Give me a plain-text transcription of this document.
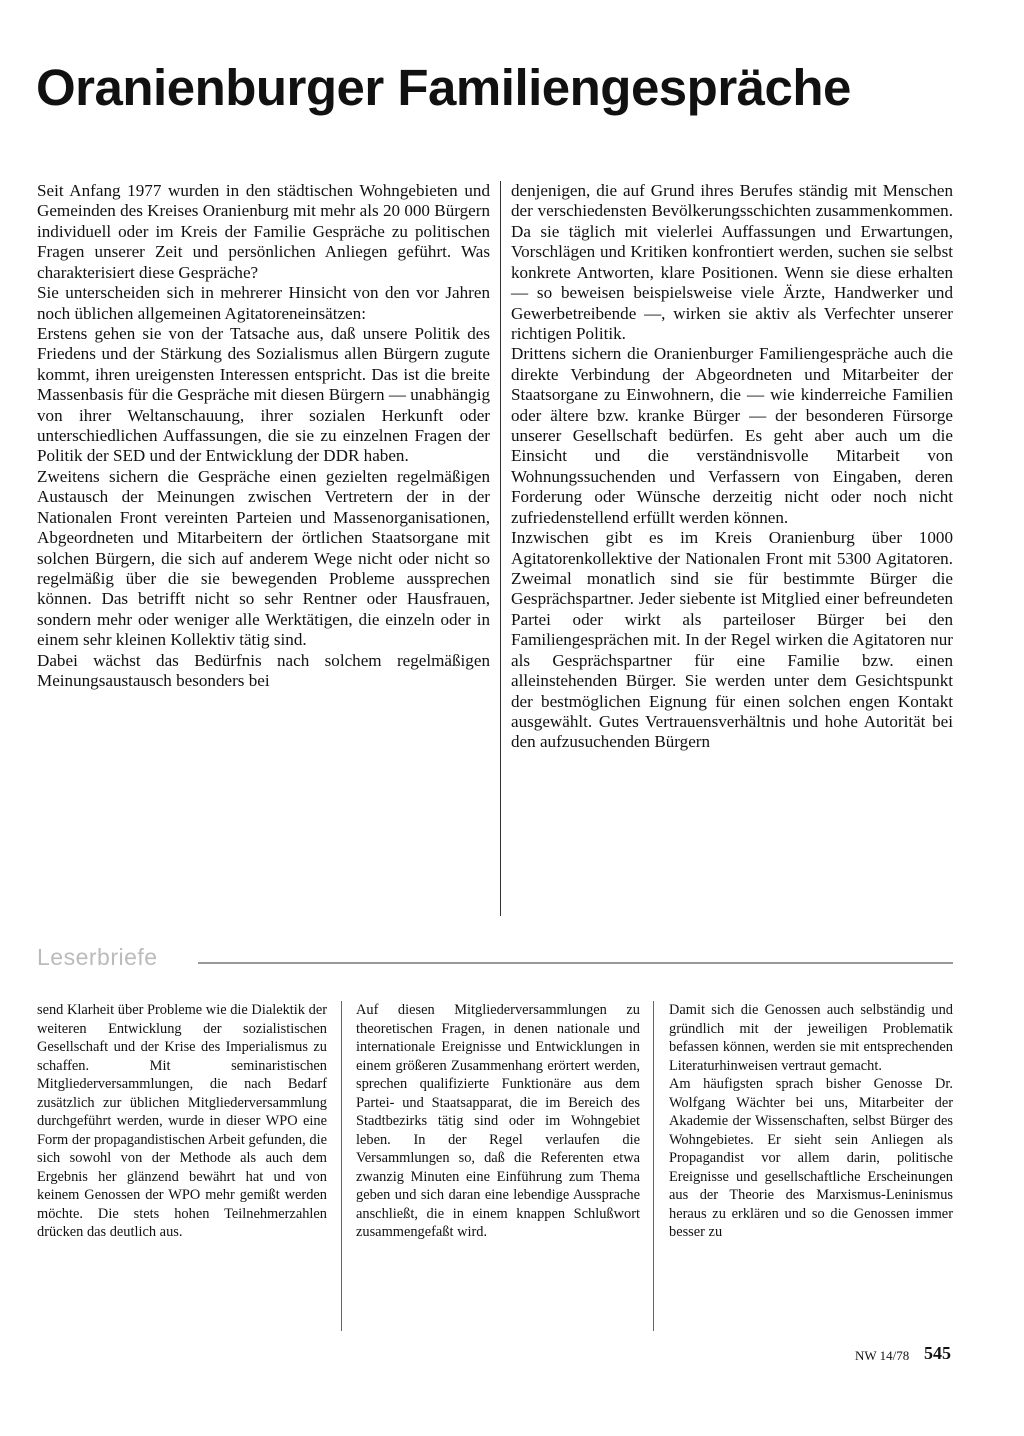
Oranienburger Familiengespräche

Seit Anfang 1977 wurden in den städtischen Wohngebieten und Gemeinden des Kreises Oranienburg mit mehr als 20 000 Bürgern individuell oder im Kreis der Familie Gespräche zu politischen Fragen unserer Zeit und persönlichen Anliegen geführt. Was charakterisiert diese Gespräche?

Sie unterscheiden sich in mehrerer Hinsicht von den vor Jahren noch üblichen allgemeinen Agitatoreneinsätzen:

Erstens gehen sie von der Tatsache aus, daß unsere Politik des Friedens und der Stärkung des Sozialismus allen Bürgern zugute kommt, ihren ureigensten Interessen entspricht. Das ist die breite Massenbasis für die Gespräche mit diesen Bürgern — unabhängig von ihrer Weltanschauung, ihrer sozialen Herkunft oder unterschiedlichen Auffassungen, die sie zu einzelnen Fragen der Politik der SED und der Entwicklung der DDR haben.

Zweitens sichern die Gespräche einen gezielten regelmäßigen Austausch der Meinungen zwischen Vertretern der in der Nationalen Front vereinten Parteien und Massenorganisationen, Abgeordneten und Mitarbeitern der örtlichen Staatsorgane mit solchen Bürgern, die sich auf anderem Wege nicht oder nicht so regelmäßig über die sie bewegenden Probleme aussprechen können. Das betrifft nicht so sehr Rentner oder Hausfrauen, sondern mehr oder weniger alle Werktätigen, die einzeln oder in einem sehr kleinen Kollektiv tätig sind.

Dabei wächst das Bedürfnis nach solchem regelmäßigen Meinungsaustausch besonders bei

denjenigen, die auf Grund ihres Berufes ständig mit Menschen der verschiedensten Bevölkerungsschichten zusammenkommen. Da sie täglich mit vielerlei Auffassungen und Erwartungen, Vorschlägen und Kritiken konfrontiert werden, suchen sie selbst konkrete Antworten, klare Positionen. Wenn sie diese erhalten — so beweisen beispielsweise viele Ärzte, Handwerker und Gewerbetreibende —, wirken sie aktiv als Verfechter unserer richtigen Politik.

Drittens sichern die Oranienburger Familiengespräche auch die direkte Verbindung der Abgeordneten und Mitarbeiter der Staatsorgane zu Einwohnern, die — wie kinderreiche Familien oder ältere bzw. kranke Bürger — der besonderen Fürsorge unserer Gesellschaft bedürfen. Es geht aber auch um die Einsicht und die verständnisvolle Mitarbeit von Wohnungssuchenden und Verfassern von Eingaben, deren Forderung oder Wünsche derzeitig nicht oder noch nicht zufriedenstellend erfüllt werden können.

Inzwischen gibt es im Kreis Oranienburg über 1000 Agitatorenkollektive der Nationalen Front mit 5300 Agitatoren. Zweimal monatlich sind sie für bestimmte Bürger die Gesprächspartner. Jeder siebente ist Mitglied einer befreundeten Partei oder wirkt als parteiloser Bürger bei den Familiengesprächen mit. In der Regel wirken die Agitatoren nur als Gesprächspartner für eine Familie bzw. einen alleinstehenden Bürger. Sie werden unter dem Gesichtspunkt der bestmöglichen Eignung für einen solchen engen Kontakt ausgewählt. Gutes Vertrauensverhältnis und hohe Autorität bei den aufzusuchenden Bürgern

Leserbriefe

send Klarheit über Probleme wie die Dialektik der weiteren Entwicklung der sozialistischen Gesellschaft und der Krise des Imperialismus zu schaffen. Mit seminaristischen Mitgliederversammlungen, die nach Bedarf zusätzlich zur üblichen Mitgliederversammlung durchgeführt werden, wurde in dieser WPO eine Form der propagandistischen Arbeit gefunden, die sich sowohl von der Methode als auch dem Ergebnis her glänzend bewährt hat und von keinem Genossen der WPO mehr gemißt werden möchte. Die stets hohen Teilnehmerzahlen drücken das deutlich aus.

Auf diesen Mitgliederversammlungen zu theoretischen Fragen, in denen nationale und internationale Ereignisse und Entwicklungen in einem größeren Zusammenhang erörtert werden, sprechen qualifizierte Funktionäre aus dem Partei- und Staatsapparat, die im Bereich des Stadtbezirks tätig sind oder im Wohngebiet leben. In der Regel verlaufen die Versammlungen so, daß die Referenten etwa zwanzig Minuten eine Einführung zum Thema geben und sich daran eine lebendige Aussprache anschließt, die in einem knappen Schlußwort zusammengefaßt wird.

Damit sich die Genossen auch selbständig und gründlich mit der jeweiligen Problematik befassen können, werden sie mit entsprechenden Literaturhinweisen vertraut gemacht.

Am häufigsten sprach bisher Genosse Dr. Wolfgang Wächter bei uns, Mitarbeiter der Akademie der Wissenschaften, selbst Bürger des Wohngebietes. Er sieht sein Anliegen als Propagandist vor allem darin, politische Ereignisse und gesellschaftliche Erscheinungen aus der Theorie des Marxismus-Leninismus heraus zu erklären und so die Genossen immer besser zu

NW 14/78 545
